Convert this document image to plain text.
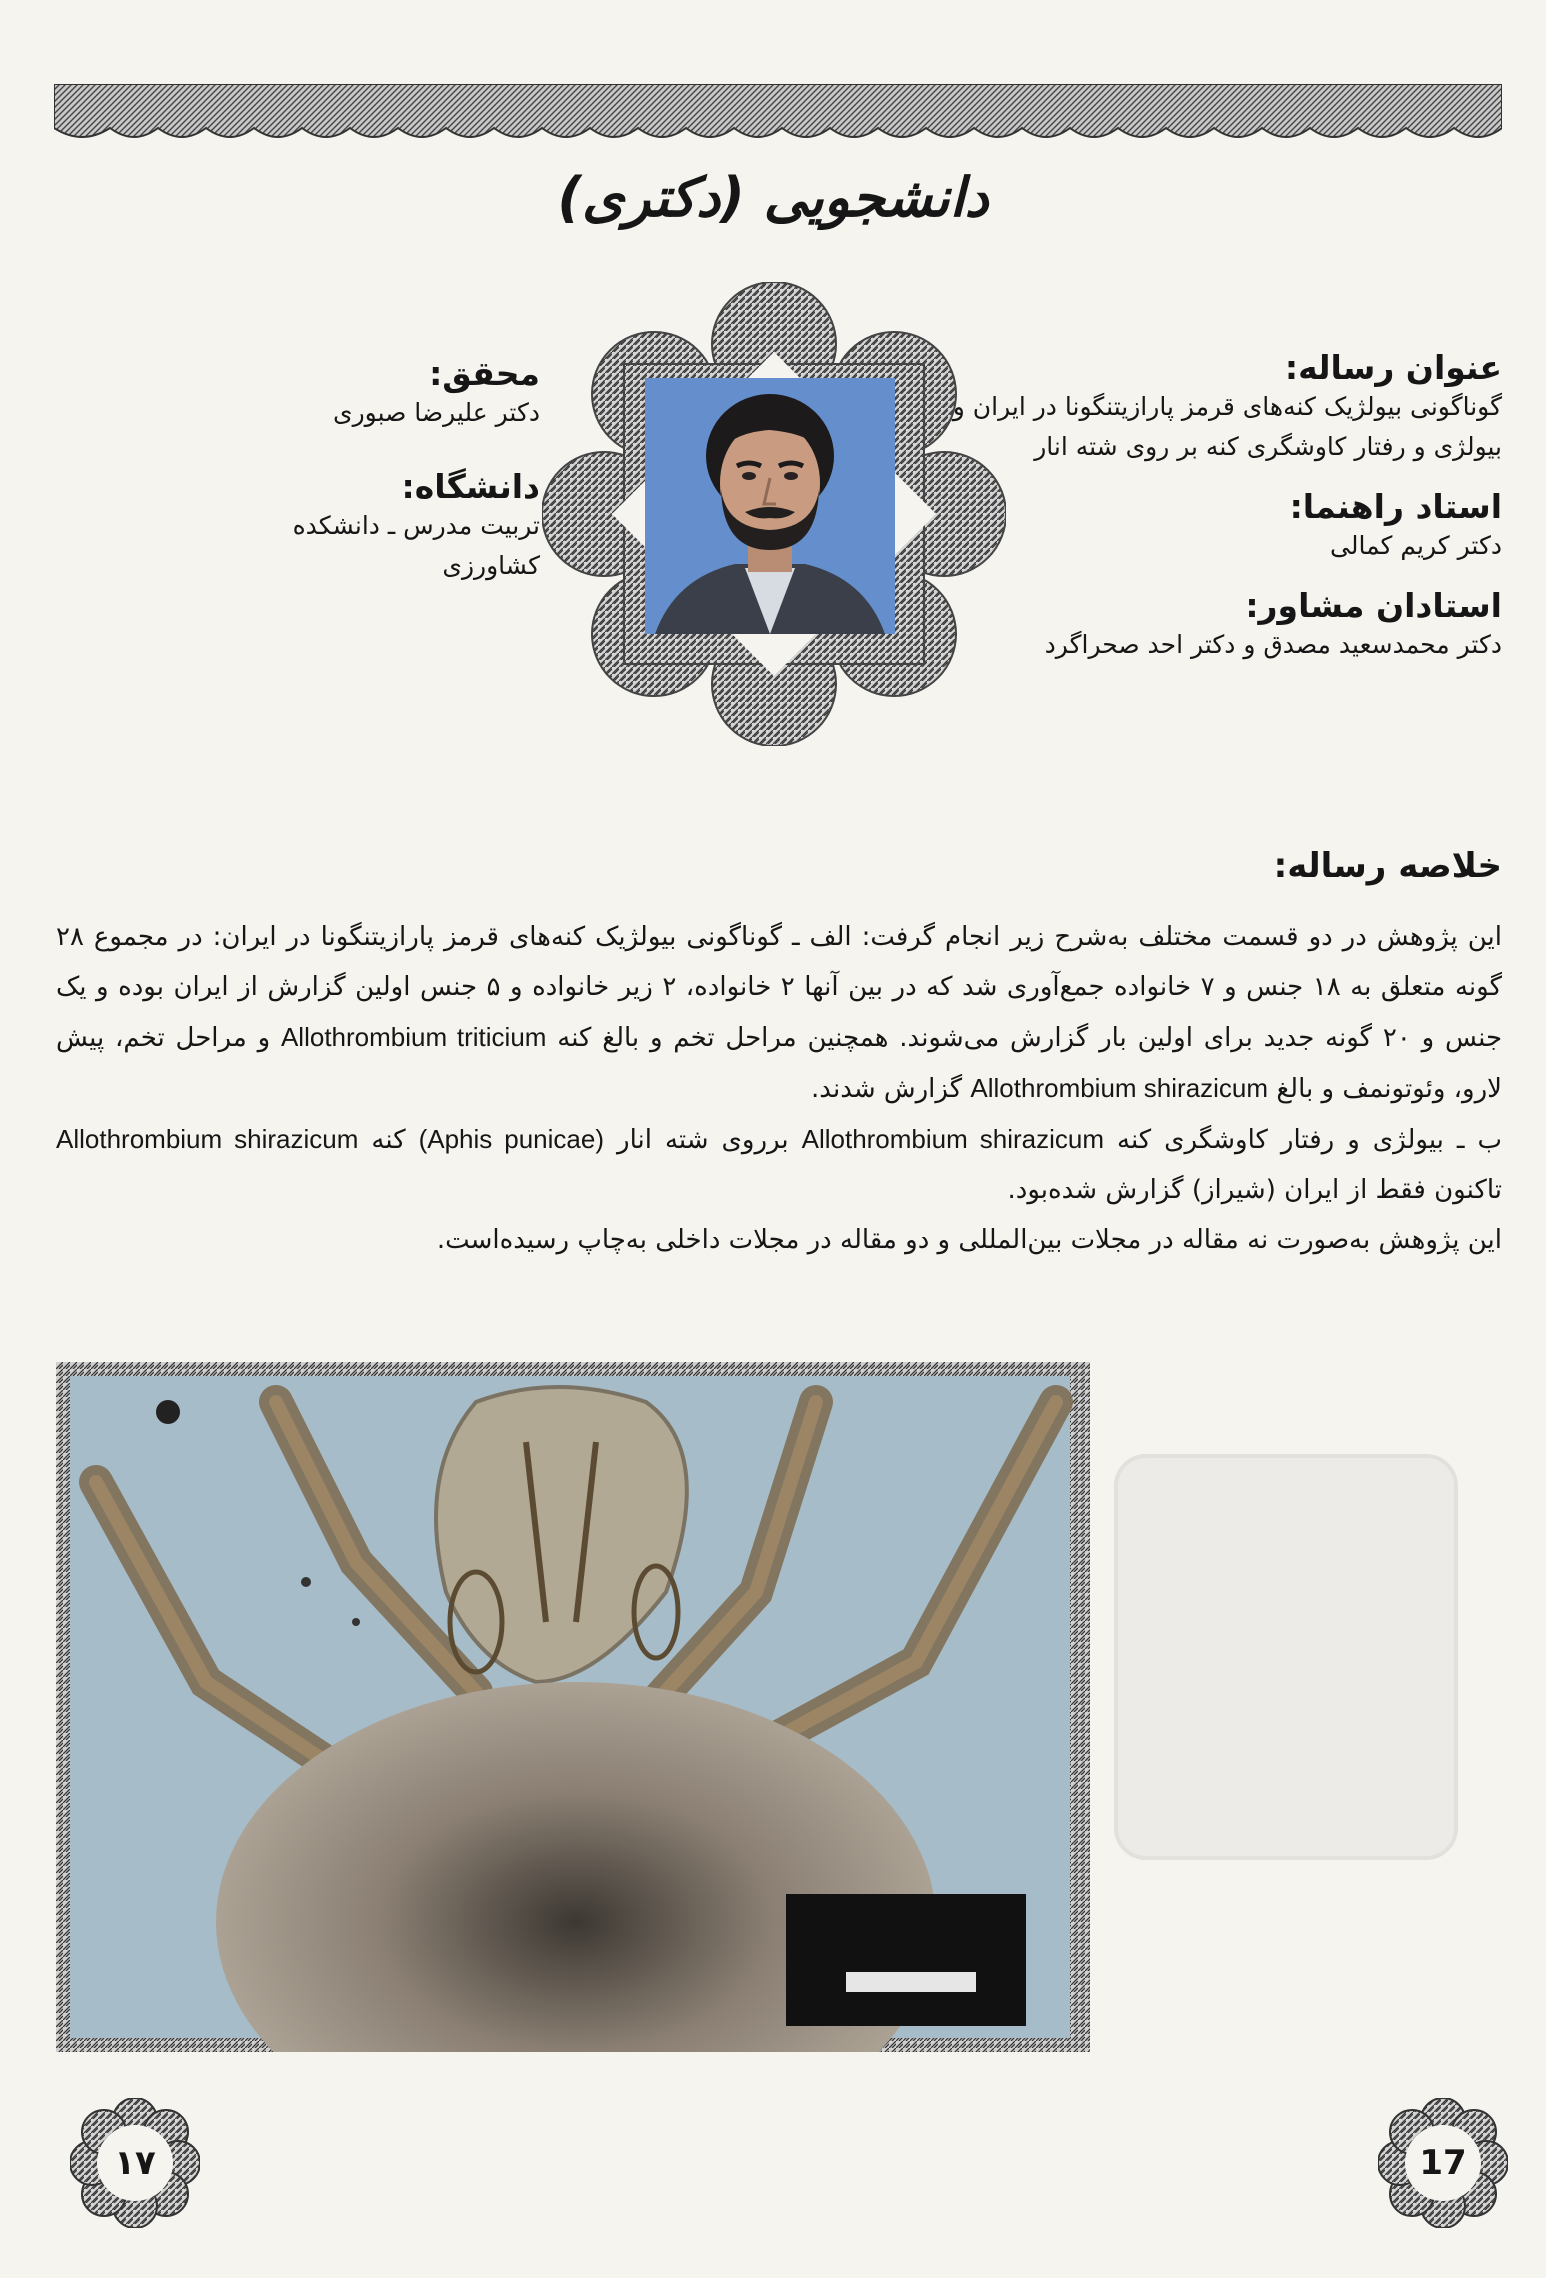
دانشجویی (دکتری)
عنوان رساله:
گوناگونی بیولژیک کنه‌های قرمز پارازیتنگونا در ایران و
بیولژی و رفتار کاوشگری کنه بر روی شته انار
استاد راهنما:
دکتر کریم کمالی
استادان مشاور:
دکتر محمدسعید مصدق و دکتر احد صحراگرد
محقق:
دکتر علیرضا صبوری
دانشگاه:
تربیت مدرس ـ دانشکده کشاورزی
خلاصه رساله:

این پژوهش در دو قسمت مختلف به‌شرح زیر انجام گرفت: الف ـ گوناگونی بیولژیک کنه‌های قرمز پارازیتنگونا در ایران: در مجموع ۲۸ گونه متعلق به ۱۸ جنس و ۷ خانواده جمع‌آوری شد که در بین آنها ۲ خانواده، ۲ زیر خانواده و ۵ جنس اولین گزارش از ایران بوده و یک جنس و ۲۰ گونه جدید برای اولین بار گزارش می‌شوند. همچنین مراحل تخم و بالغ کنه Allothrombium triticium و مراحل تخم، پیش لارو، وئوتونمف و بالغ Allothrombium shirazicum گزارش شدند.

ب ـ بیولژی و رفتار کاوشگری کنه Allothrombium shirazicum برروی شته انار (Aphis punicae) کنه Allothrombium shirazicum تاکنون فقط از ایران (شیراز) گزارش شده‌بود.

این پژوهش به‌صورت نه مقاله در مجلات بین‌المللی و دو مقاله در مجلات داخلی به‌چاپ رسیده‌است.

۱۷	17
